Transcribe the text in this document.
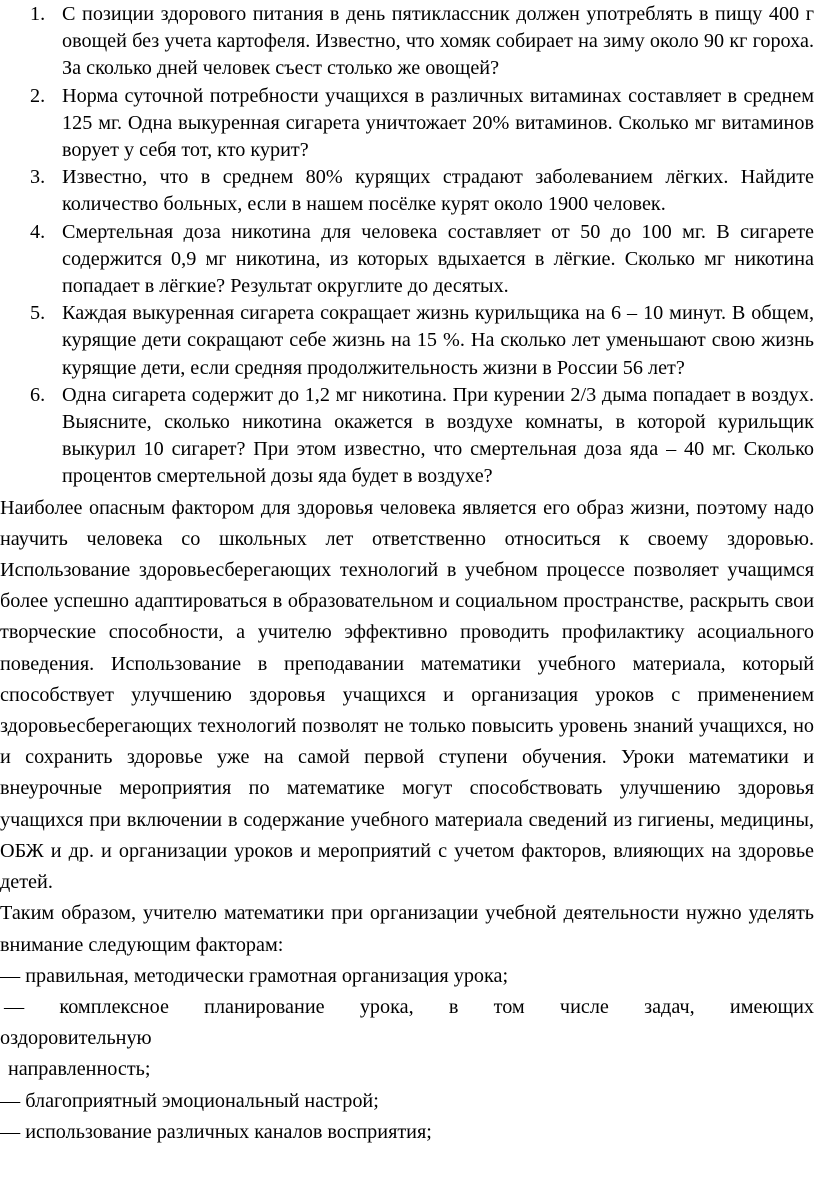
1. С позиции здорового питания в день пятиклассник должен употреблять в пищу 400 г овощей без учета картофеля. Известно, что хомяк собирает на зиму около 90 кг гороха. За сколько дней человек съест столько же овощей?
2. Норма суточной потребности учащихся в различных витаминах составляет в среднем 125 мг. Одна выкуренная сигарета уничтожает 20% витаминов. Сколько мг витаминов ворует у себя тот, кто курит?
3. Известно, что в среднем 80% курящих страдают заболеванием лёгких. Найдите количество больных, если в нашем посёлке курят около 1900 человек.
4. Смертельная доза никотина для человека составляет от 50 до 100 мг. В сигарете содержится 0,9 мг никотина, из которых вдыхается в лёгкие. Сколько мг никотина попадает в лёгкие? Результат округлите до десятых.
5. Каждая выкуренная сигарета сокращает жизнь курильщика на 6 – 10 минут. В общем, курящие дети сокращают себе жизнь на 15 %. На сколько лет уменьшают свою жизнь курящие дети, если средняя продолжительность жизни в России 56 лет?
6. Одна сигарета содержит до 1,2 мг никотина. При курении 2/3 дыма попадает в воздух. Выясните, сколько никотина окажется в воздухе комнаты, в которой курильщик выкурил 10 сигарет? При этом известно, что смертельная доза яда – 40 мг. Сколько процентов смертельной дозы яда будет в воздухе?

Наиболее опасным фактором для здоровья человека является его образ жизни, поэтому надо научить человека со школьных лет ответственно относиться к своему здоровью. Использование здоровьесберегающих технологий в учебном процессе позволяет учащимся более успешно адаптироваться в образовательном и социальном пространстве, раскрыть свои творческие способности, а учителю эффективно проводить профилактику асоциального поведения. Использование в преподавании математики учебного материала, который способствует улучшению здоровья учащихся и организация уроков с применением здоровьесберегающих технологий позволят не только повысить уровень знаний учащихся, но и сохранить здоровье уже на самой первой ступени обучения. Уроки математики и внеурочные мероприятия по математике могут способствовать улучшению здоровья учащихся при включении в содержание учебного материала сведений из гигиены, медицины, ОБЖ и др. и организации уроков и мероприятий с учетом факторов, влияющих на здоровье детей.

Таким образом, учителю математики при организации учебной деятельности нужно уделять внимание следующим факторам:

— правильная, методически грамотная организация урока;

— комплексное планирование урока, в том числе задач, имеющих

оздоровительную

направленность;

— благоприятный эмоциональный настрой;

— использование различных каналов восприятия;
